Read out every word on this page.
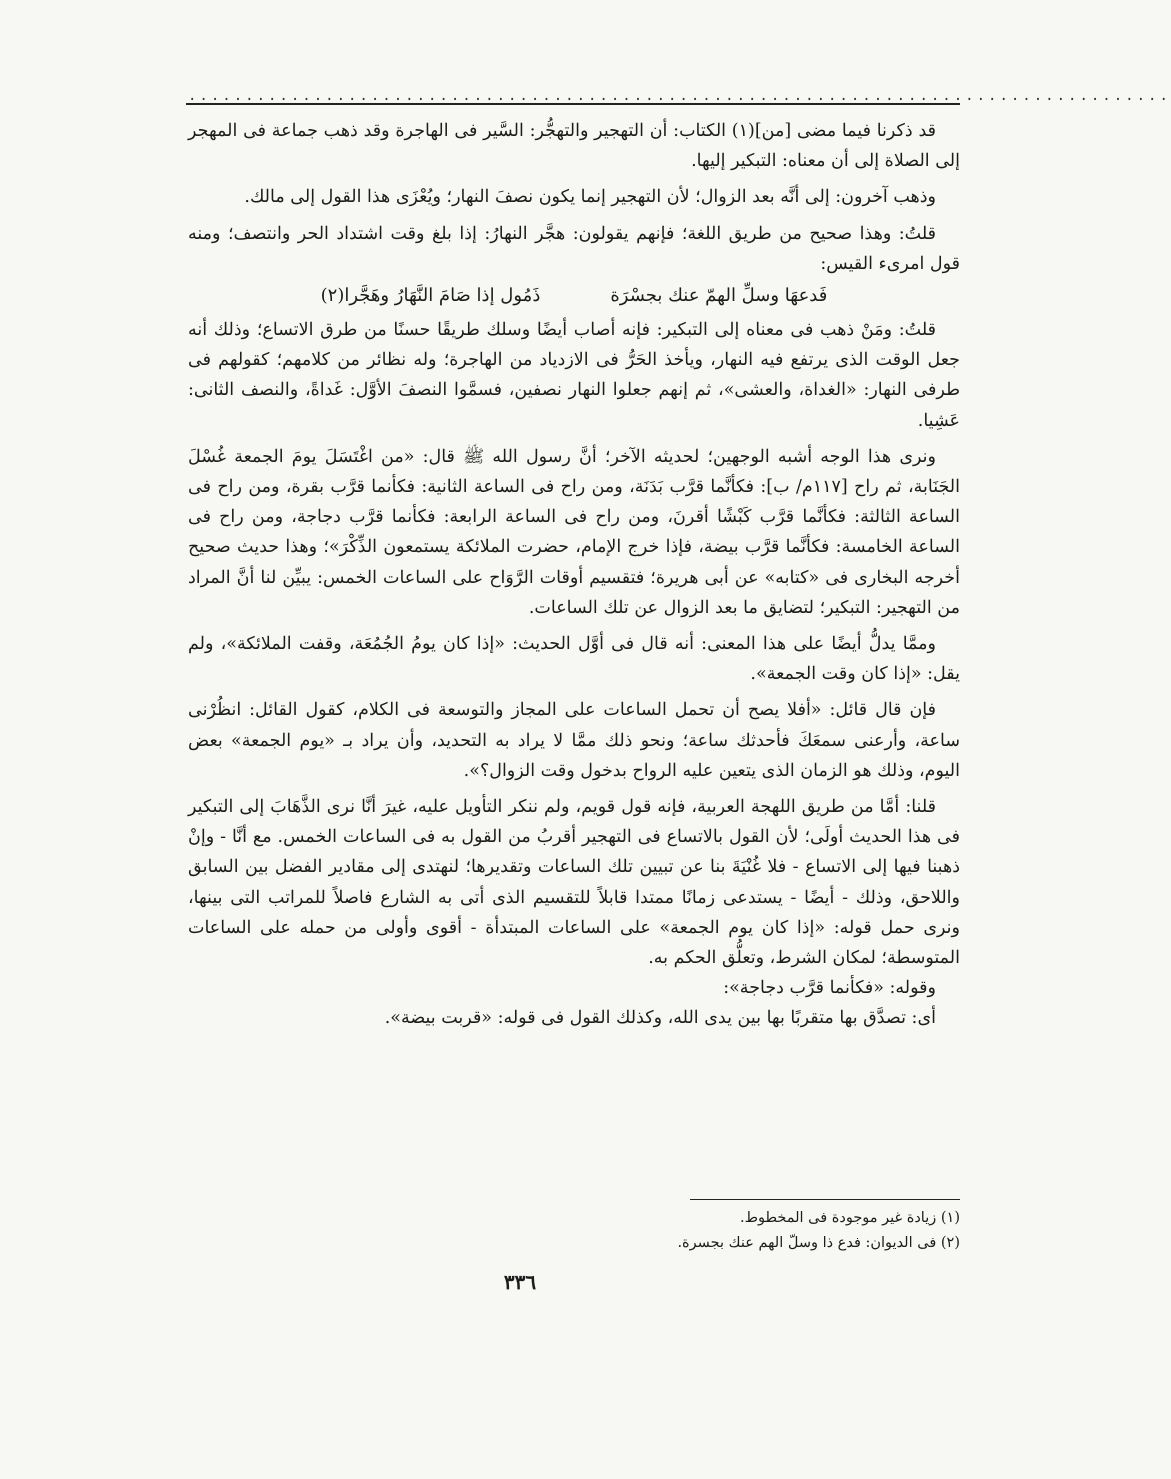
......................................................................................

قد ذكرنا فيما مضى [من](١) الكتاب: أن التهجير والتهجُّر: السَّير فى الهاجرة وقد ذهب جماعة فى المهجر إلى الصلاة إلى أن معناه: التبكير إليها.

وذهب آخرون: إلى أنَّه بعد الزوال؛ لأن التهجير إنما يكون نصفَ النهار؛ ويُعْزَى هذا القول إلى مالك.

قلتُ: وهذا صحيح من طريق اللغة؛ فإنهم يقولون: هجَّر النهارُ: إذا بلغ وقت اشتداد الحر وانتصف؛ ومنه قول امرىء القيس:

فَدعهَا وسلِّ الهمّ عنك بجسْرَة
ذَمُول إذا صَامَ النَّهَارُ وهَجَّرا(٢)

قلتُ: ومَنْ ذهب فى معناه إلى التبكير: فإنه أصاب أيضًا وسلك طريقًا حسنًا من طرق الاتساع؛ وذلك أنه جعل الوقت الذى يرتفع فيه النهار، ويأخذ الحَرُّ فى الازدياد من الهاجرة؛ وله نظائر من كلامهم؛ كقولهم فى طرفى النهار: «الغداة، والعشى»، ثم إنهم جعلوا النهار نصفين، فسمَّوا النصفَ الأوَّل: غَداةً، والنصف الثانى: عَشِيا.

ونرى هذا الوجه أشبه الوجهين؛ لحديثه الآخر؛ أنَّ رسول الله ﷺ قال: «من اغْتَسَلَ يومَ الجمعة غُسْلَ الجَنَابة، ثم راح [١١٧م/ ب]: فكأنَّما قرَّب بَدَنَة، ومن راح فى الساعة الثانية: فكأنما قرَّب بقرة، ومن راح فى الساعة الثالثة: فكأنَّما قرَّب كَبْشًا أقرنَ، ومن راح فى الساعة الرابعة: فكأنما قرَّب دجاجة، ومن راح فى الساعة الخامسة: فكأنَّما قرَّب بيضة، فإذا خرج الإمام، حضرت الملائكة يستمعون الذِّكْرَ»؛ وهذا حديث صحيح أخرجه البخارى فى «كتابه» عن أبى هريرة؛ فتقسيم أوقات الرَّوَاح على الساعات الخمس: يبيِّن لنا أنَّ المراد من التهجير: التبكير؛ لتضايق ما بعد الزوال عن تلك الساعات.

وممَّا يدلُّ أيضًا على هذا المعنى: أنه قال فى أوَّل الحديث: «إذا كان يومُ الجُمُعَة، وقفت الملائكة»، ولم يقل: «إذا كان وقت الجمعة».

فإن قال قائل: «أفلا يصح أن تحمل الساعات على المجاز والتوسعة فى الكلام، كقول القائل: انظُرْنى ساعة، وأرعنى سمعَكَ فأحدثك ساعة؛ ونحو ذلك ممَّا لا يراد به التحديد، وأن يراد بـ «يوم الجمعة» بعض اليوم، وذلك هو الزمان الذى يتعين عليه الرواح بدخول وقت الزوال؟».

قلنا: أمَّا من طريق اللهجة العربية، فإنه قول قويم، ولم ننكر التأويل عليه، غيرَ أنَّا نرى الذَّهَابَ إلى التبكير فى هذا الحديث أولَى؛ لأن القول بالاتساع فى التهجير أقربُ من القول به فى الساعات الخمس. مع أنَّا - وإنْ ذهبنا فيها إلى الاتساع - فلا غُنْيَةَ بنا عن تبيين تلك الساعات وتقديرها؛ لنهتدى إلى مقادير الفضل بين السابق واللاحق، وذلك - أيضًا - يستدعى زمانًا ممتدا قابلاً للتقسيم الذى أتى به الشارع فاصلاً للمراتب التى بينها، ونرى حمل قوله: «إذا كان يوم الجمعة» على الساعات المبتدأة - أقوى وأولى من حمله على الساعات المتوسطة؛ لمكان الشرط، وتعلُّق الحكم به.

وقوله: «فكأنما قرَّب دجاجة»:

أى: تصدَّق بها متقربًا بها بين يدى الله، وكذلك القول فى قوله: «قربت بيضة».

(١) زيادة غير موجودة فى المخطوط.
(٢) فى الديوان: فدع ذا وسلّ الهم عنك بجسرة.
٣٣٦
